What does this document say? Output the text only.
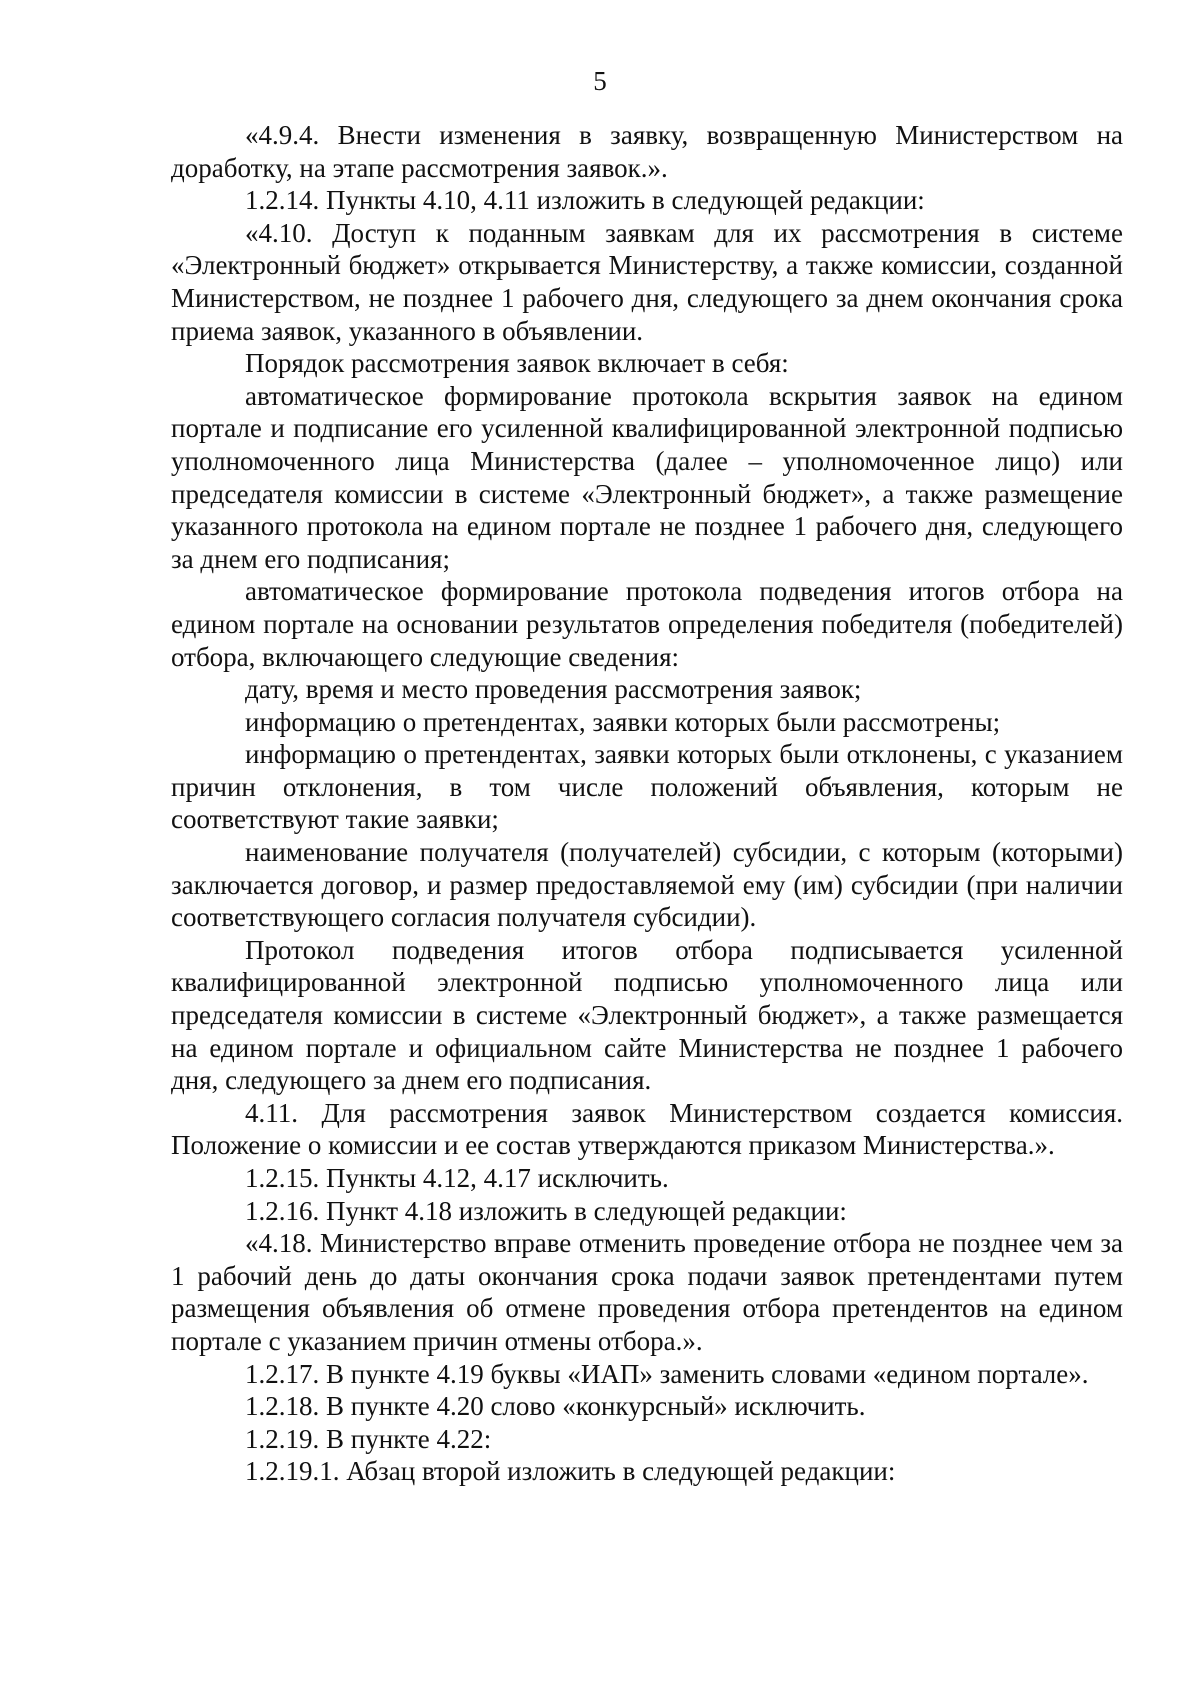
5

«4.9.4. Внести изменения в заявку, возвращенную Министерством на доработку, на этапе рассмотрения заявок.».

1.2.14. Пункты 4.10, 4.11 изложить в следующей редакции:

«4.10. Доступ к поданным заявкам для их рассмотрения в системе «Электронный бюджет» открывается Министерству, а также комиссии, созданной Министерством, не позднее 1 рабочего дня, следующего за днем окончания срока приема заявок, указанного в объявлении.

Порядок рассмотрения заявок включает в себя:

автоматическое формирование протокола вскрытия заявок на едином портале и подписание его усиленной квалифицированной электронной подписью уполномоченного лица Министерства (далее – уполномоченное лицо) или председателя комиссии в системе «Электронный бюджет», а также размещение указанного протокола на едином портале не позднее 1 рабочего дня, следующего за днем его подписания;

автоматическое формирование протокола подведения итогов отбора на едином портале на основании результатов определения победителя (победителей) отбора, включающего следующие сведения:

дату, время и место проведения рассмотрения заявок;

информацию о претендентах, заявки которых были рассмотрены;

информацию о претендентах, заявки которых были отклонены, с указанием причин отклонения, в том числе положений объявления, которым не соответствуют такие заявки;

наименование получателя (получателей) субсидии, с которым (которыми) заключается договор, и размер предоставляемой ему (им) субсидии (при наличии соответствующего согласия получателя субсидии).

Протокол подведения итогов отбора подписывается усиленной квалифицированной электронной подписью уполномоченного лица или председателя комиссии в системе «Электронный бюджет», а также размещается на едином портале и официальном сайте Министерства не позднее 1 рабочего дня, следующего за днем его подписания.

4.11. Для рассмотрения заявок Министерством создается комиссия. Положение о комиссии и ее состав утверждаются приказом Министерства.».

1.2.15. Пункты 4.12, 4.17 исключить.

1.2.16. Пункт 4.18 изложить в следующей редакции:

«4.18. Министерство вправе отменить проведение отбора не позднее чем за 1 рабочий день до даты окончания срока подачи заявок претендентами путем размещения объявления об отмене проведения отбора претендентов на едином портале с указанием причин отмены отбора.».

1.2.17. В пункте 4.19 буквы «ИАП» заменить словами «едином портале».

1.2.18. В пункте 4.20 слово «конкурсный» исключить.

1.2.19. В пункте 4.22:

1.2.19.1. Абзац второй изложить в следующей редакции:
